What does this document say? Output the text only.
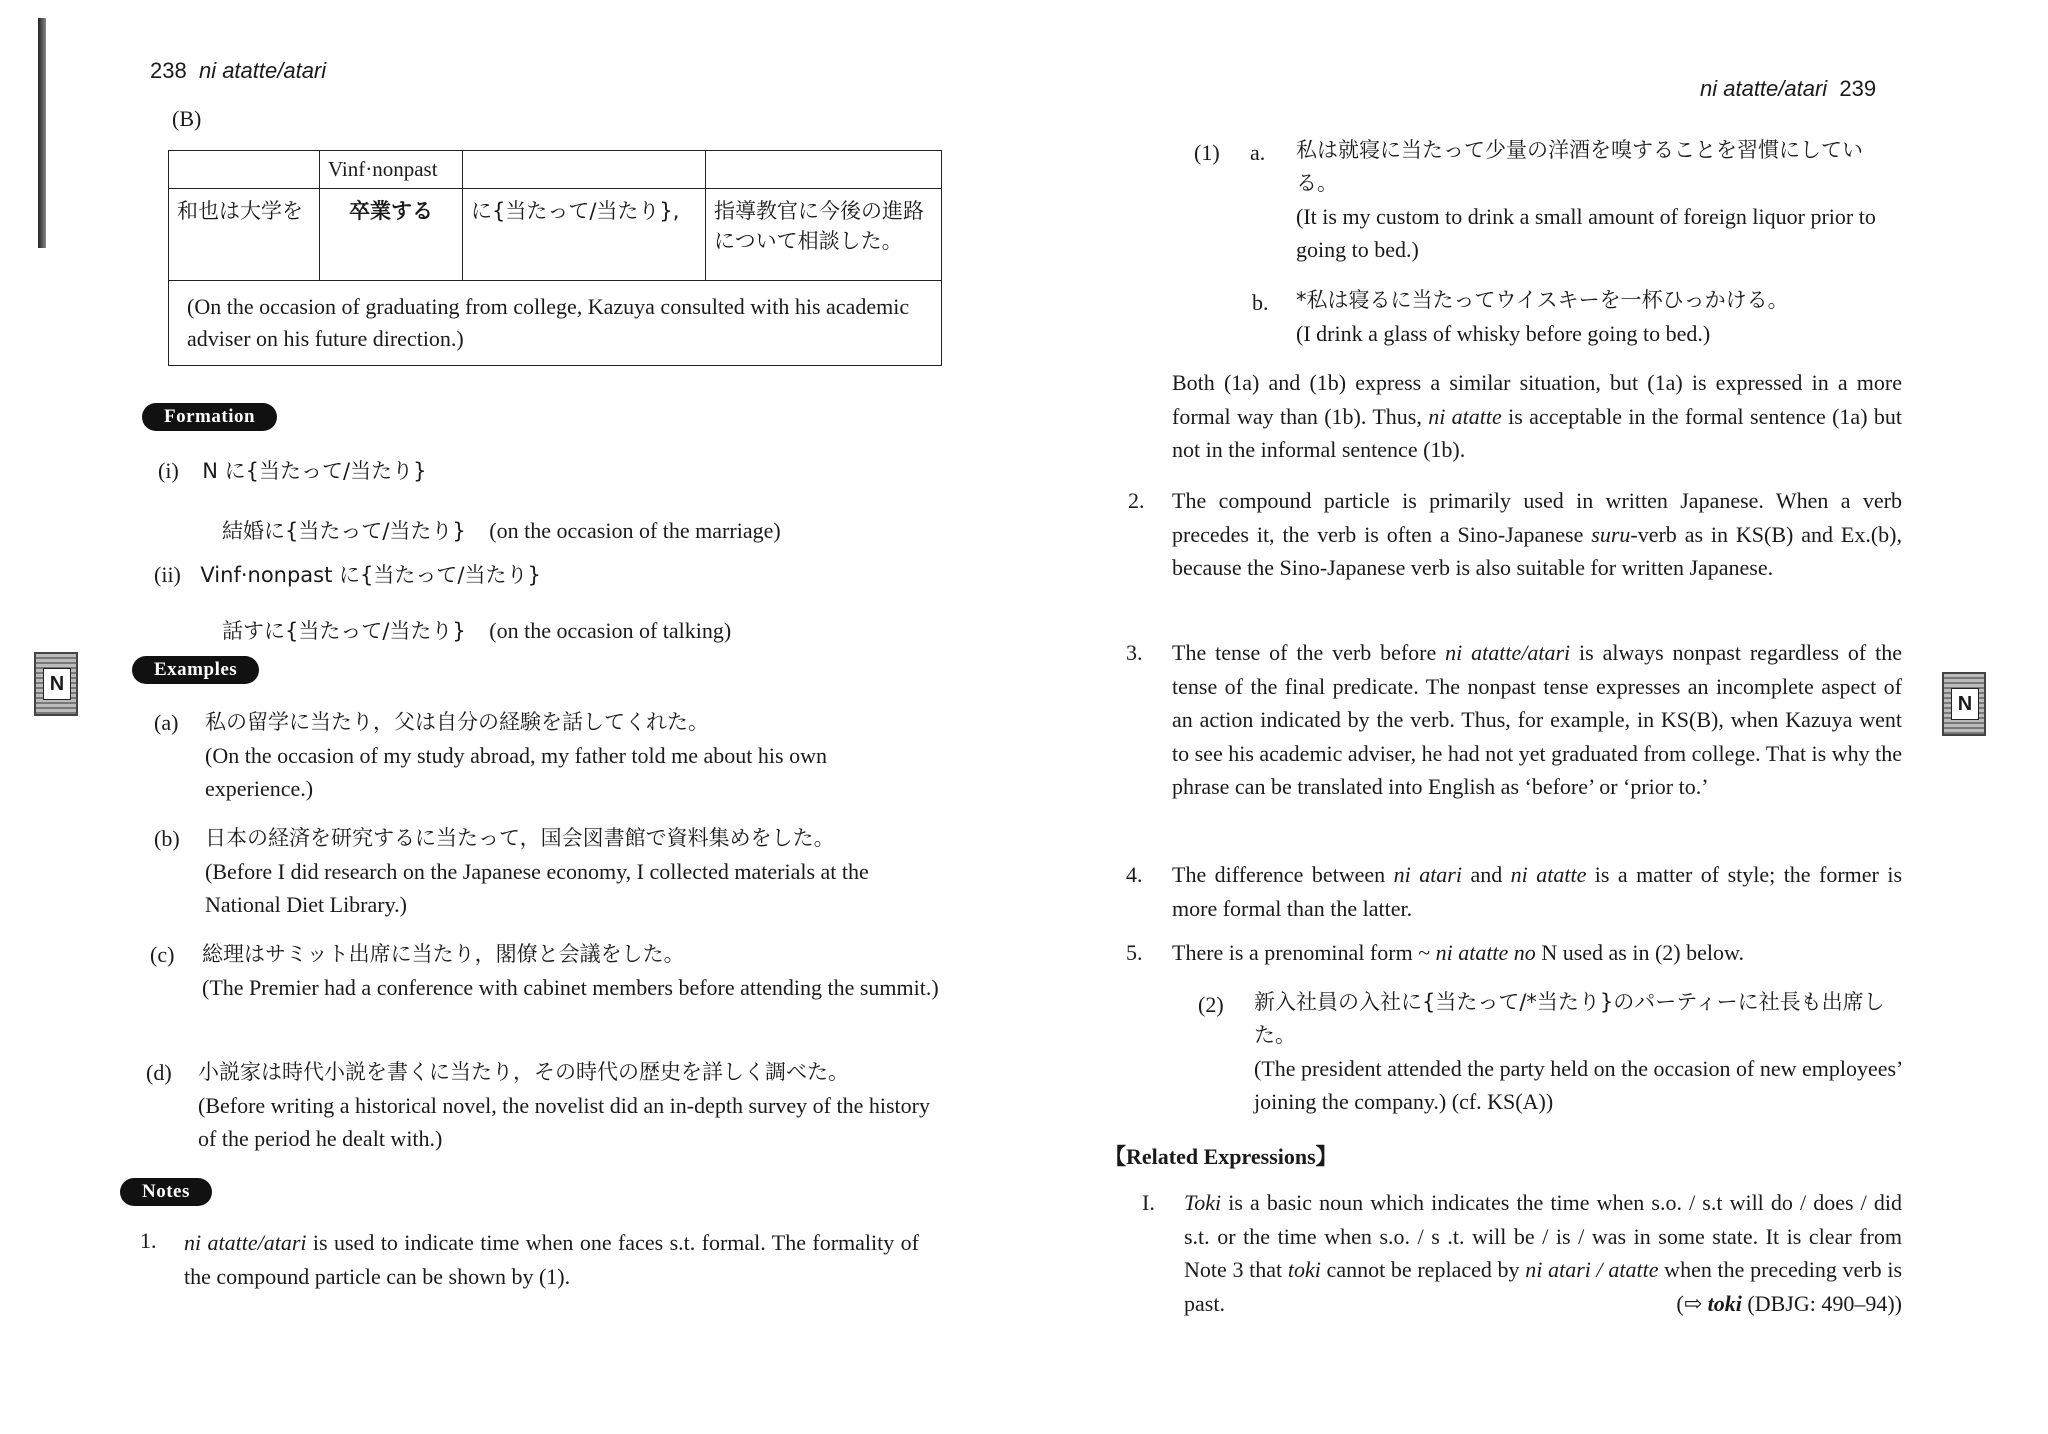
238 ni atatte/atari
(B)
	Vinf·nonpast		
和也は大学を	卒業する	に{当たって/当たり},	指導教官に今後の進路について相談した。
(On the occasion of graduating from college, Kazuya consulted with his academic adviser on his future direction.)			
Formation
(i) N に{当たって/当たり}
結婚に{当たって/当たり} (on the occasion of the marriage)
(ii) Vinf·nonpast に{当たって/当たり}
話すに{当たって/当たり} (on the occasion of talking)
N
Examples
(a) 私の留学に当たり，父は自分の経験を話してくれた。
(On the occasion of my study abroad, my father told me about his own experience.)
(b) 日本の経済を研究するに当たって，国会図書館で資料集めをした。
(Before I did research on the Japanese economy, I collected materials at the National Diet Library.)
(c) 総理はサミット出席に当たり，閣僚と会議をした。
(The Premier had a conference with cabinet members before attending the summit.)
(d) 小説家は時代小説を書くに当たり，その時代の歴史を詳しく調べた。
(Before writing a historical novel, the novelist did an in-depth survey of the history of the period he dealt with.)
Notes
1. ni atatte/atari is used to indicate time when one faces s.t. formal. The formality of the compound particle can be shown by (1).
ni atatte/atari 239
(1) a. 私は就寝に当たって少量の洋酒を嗅することを習慣にしている。
(It is my custom to drink a small amount of foreign liquor prior to going to bed.)
b. *私は寝るに当たってウイスキーを一杯ひっかける。
(I drink a glass of whisky before going to bed.)
Both (1a) and (1b) express a similar situation, but (1a) is expressed in a more formal way than (1b). Thus, ni atatte is acceptable in the formal sentence (1a) but not in the informal sentence (1b).
2. The compound particle is primarily used in written Japanese. When a verb precedes it, the verb is often a Sino-Japanese suru-verb as in KS(B) and Ex.(b), because the Sino-Japanese verb is also suitable for written Japanese.
3. The tense of the verb before ni atatte/atari is always nonpast regardless of the tense of the final predicate. The nonpast tense expresses an incomplete aspect of an action indicated by the verb. Thus, for example, in KS(B), when Kazuya went to see his academic adviser, he had not yet graduated from college. That is why the phrase can be translated into English as ‘before’ or ‘prior to.’
N
4. The difference between ni atari and ni atatte is a matter of style; the former is more formal than the latter.
5. There is a prenominal form ~ ni atatte no N used as in (2) below.
(2) 新入社員の入社に{当たって/*当たり}のパーティーに社長も出席した。
(The president attended the party held on the occasion of new employees’ joining the company.) (cf. KS(A))
【Related Expressions】
I. Toki is a basic noun which indicates the time when s.o. / s.t will do / does / did s.t. or the time when s.o. / s .t. will be / is / was in some state. It is clear from Note 3 that toki cannot be replaced by ni atari / atatte when the preceding verb is past.	(⇨ toki (DBJG: 490–94))
